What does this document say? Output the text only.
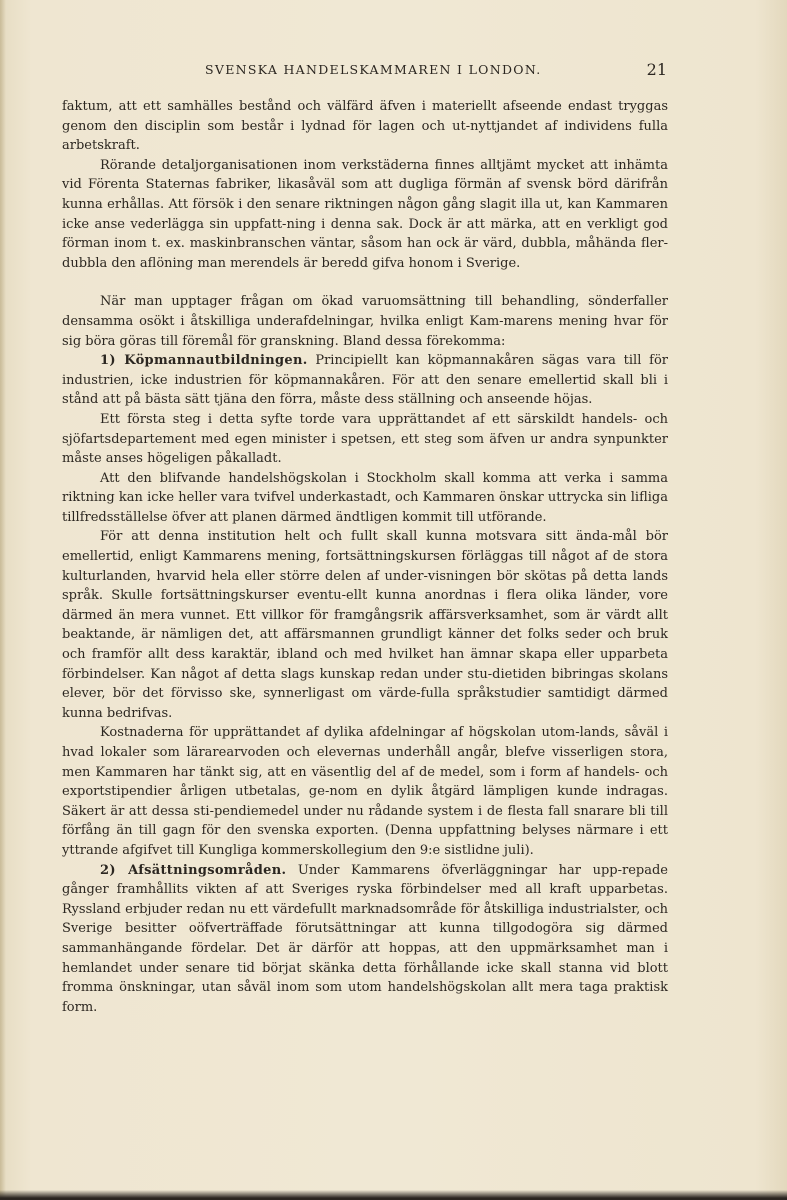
SVENSKA HANDELSKAMMAREN I LONDON.	21

faktum, att ett samhälles bestånd och välfärd äfven i materiellt afseende endast tryggas genom den disciplin som består i lydnad för lagen och ut-nyttjandet af individens fulla arbetskraft.

Rörande detaljorganisationen inom verkstäderna finnes alltjämt mycket att inhämta vid Förenta Staternas fabriker, likasåväl som att dugliga förmän af svensk börd därifrån kunna erhållas. Att försök i den senare riktningen någon gång slagit illa ut, kan Kammaren icke anse vederlägga sin uppfatt-ning i denna sak. Dock är att märka, att en verkligt god förman inom t. ex. maskinbranschen väntar, såsom han ock är värd, dubbla, måhända fler-dubbla den aflöning man merendels är beredd gifva honom i Sverige.

När man upptager frågan om ökad varuomsättning till behandling, sönderfaller densamma osökt i åtskilliga underafdelningar, hvilka enligt Kam-marens mening hvar för sig böra göras till föremål för granskning. Bland dessa förekomma:

1) Köpmannautbildningen. Principiellt kan köpmannakåren sägas vara till för industrien, icke industrien för köpmannakåren. För att den senare emellertid skall bli i stånd att på bästa sätt tjäna den förra, måste dess ställning och anseende höjas.

Ett första steg i detta syfte torde vara upprättandet af ett särskildt handels- och sjöfartsdepartement med egen minister i spetsen, ett steg som äfven ur andra synpunkter måste anses högeligen påkalladt.

Att den blifvande handelshögskolan i Stockholm skall komma att verka i samma riktning kan icke heller vara tvifvel underkastadt, och Kammaren önskar uttrycka sin lifliga tillfredsställelse öfver att planen därmed ändtligen kommit till utförande.

För att denna institution helt och fullt skall kunna motsvara sitt ända-mål bör emellertid, enligt Kammarens mening, fortsättningskursen förläggas till något af de stora kulturlanden, hvarvid hela eller större delen af under-visningen bör skötas på detta lands språk. Skulle fortsättningskurser eventu-ellt kunna anordnas i flera olika länder, vore därmed än mera vunnet. Ett villkor för framgångsrik affärsverksamhet, som är värdt allt beaktande, är nämligen det, att affärsmannen grundligt känner det folks seder och bruk och framför allt dess karaktär, ibland och med hvilket han ämnar skapa eller upparbeta förbindelser. Kan något af detta slags kunskap redan under stu-dietiden bibringas skolans elever, bör det förvisso ske, synnerligast om värde-fulla språkstudier samtidigt därmed kunna bedrifvas.

Kostnaderna för upprättandet af dylika afdelningar af högskolan utom-lands, såväl i hvad lokaler som lärarearvoden och elevernas underhåll angår, blefve visserligen stora, men Kammaren har tänkt sig, att en väsentlig del af de medel, som i form af handels- och exportstipendier årligen utbetalas, ge-nom en dylik åtgärd lämpligen kunde indragas. Säkert är att dessa sti-pendiemedel under nu rådande system i de flesta fall snarare bli till förfång än till gagn för den svenska exporten. (Denna uppfattning belyses närmare i ett yttrande afgifvet till Kungliga kommerskollegium den 9:e sistlidne juli).

2) Afsättningsområden. Under Kammarens öfverläggningar har upp-repade gånger framhållits vikten af att Sveriges ryska förbindelser med all kraft upparbetas. Ryssland erbjuder redan nu ett värdefullt marknadsområde för åtskilliga industrialster, och Sverige besitter oöfverträffade förutsättningar att kunna tillgodogöra sig därmed sammanhängande fördelar. Det är därför att hoppas, att den uppmärksamhet man i hemlandet under senare tid börjat skänka detta förhållande icke skall stanna vid blott fromma önskningar, utan såväl inom som utom handelshögskolan allt mera taga praktisk form.
